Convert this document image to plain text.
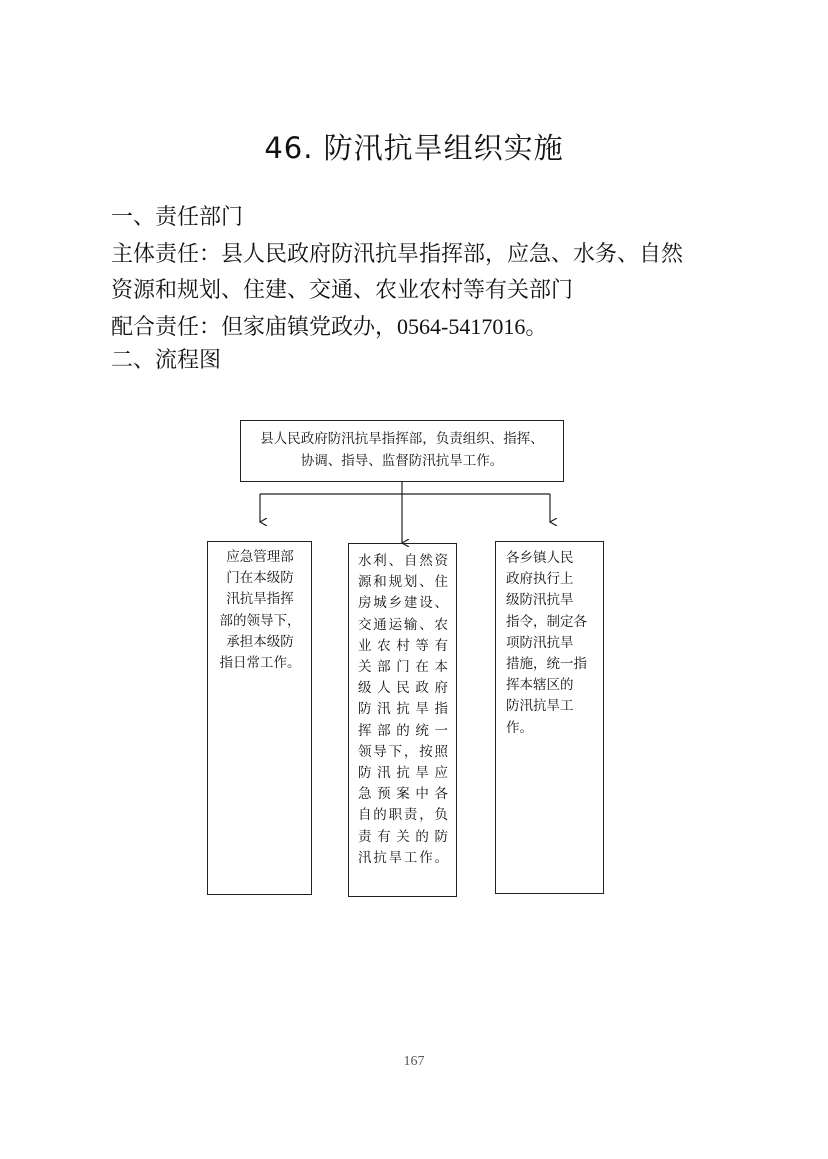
46. 防汛抗旱组织实施
一、责任部门
主体责任：县人民政府防汛抗旱指挥部，应急、水务、自然
资源和规划、住建、交通、农业农村等有关部门
配合责任：但家庙镇党政办，0564-5417016。
二、流程图
县人民政府防汛抗旱指挥部，负责组织、指挥、
协调、指导、监督防汛抗旱工作。
应急管理部
门在本级防
汛抗旱指挥
部的领导下，
承担本级防
指日常工作。
水利、自然资
源和规划、住
房城乡建设、
交通运输、农
业农村等有
关部门在本
级人民政府
防汛抗旱指
挥部的统一
领导下，按照
防汛抗旱应
急预案中各
自的职责，负
责有关的防
汛抗旱工作。
各乡镇人民
政府执行上
级防汛抗旱
指令，制定各
项防汛抗旱
措施，统一指
挥本辖区的
防汛抗旱工
作。
167
